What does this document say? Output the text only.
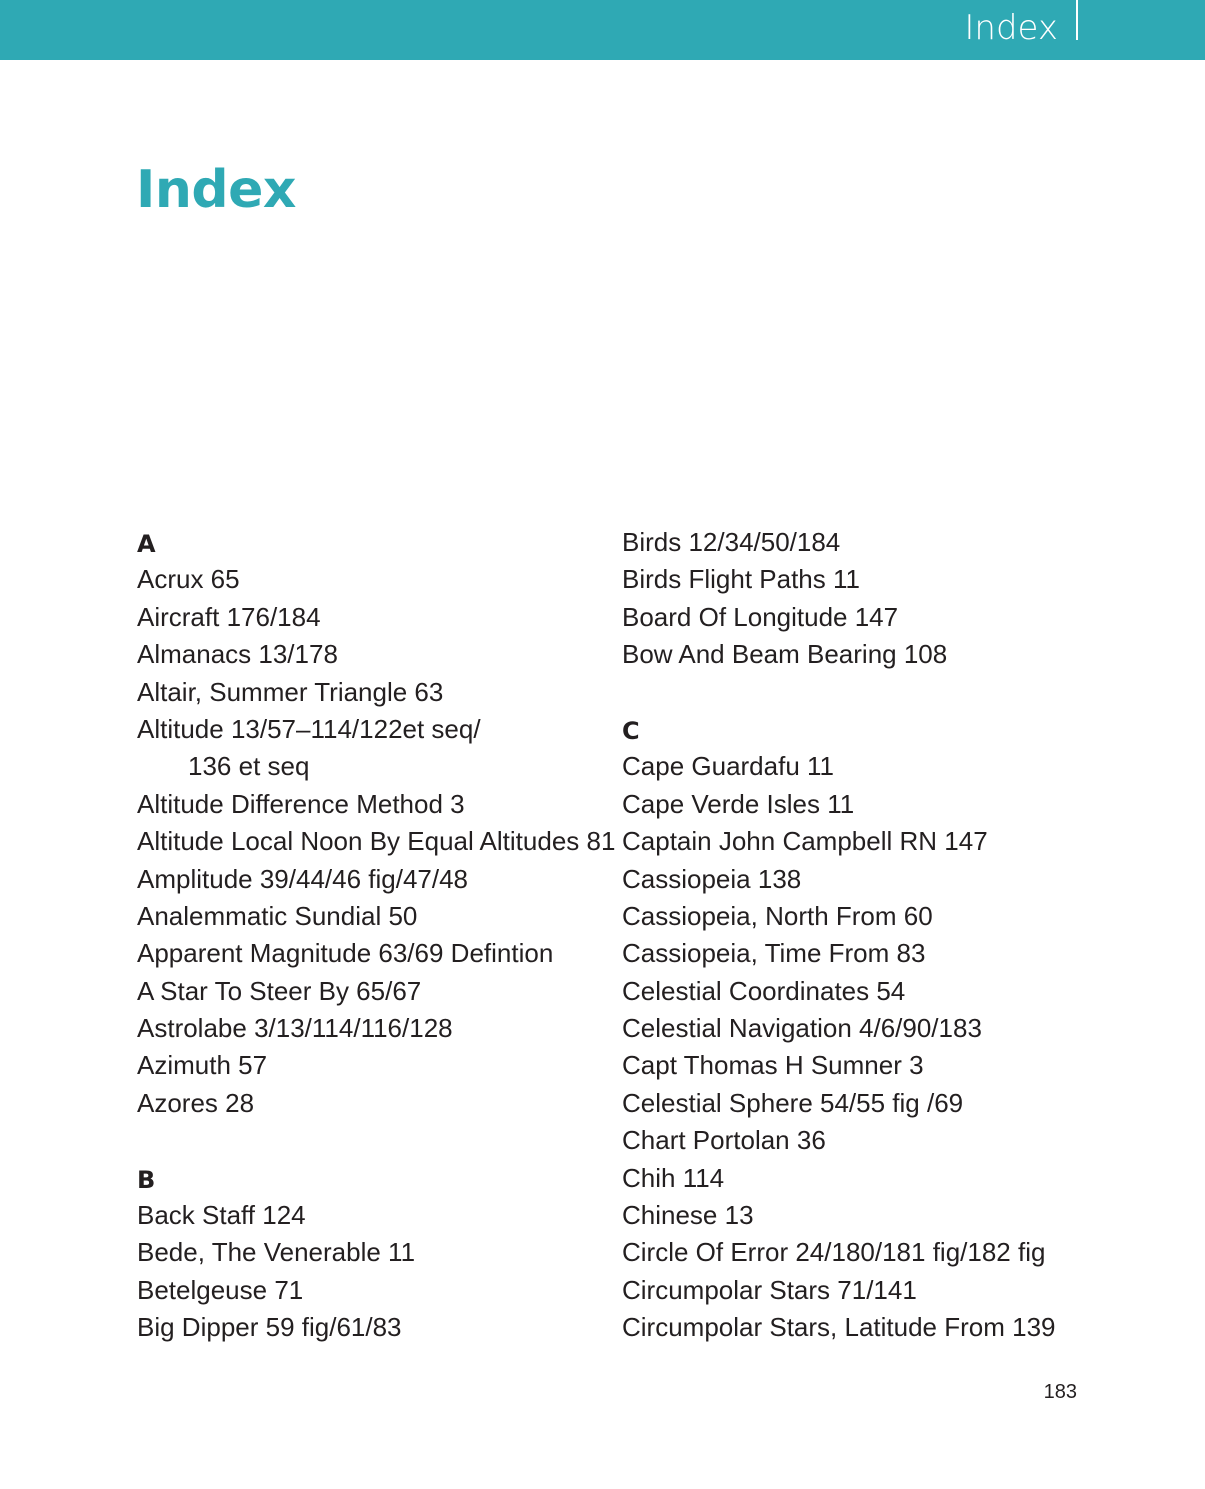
Index
Index
A
Acrux 65
Aircraft 176/184
Almanacs 13/178
Altair, Summer Triangle 63
Altitude 13/57–114/122et seq/
136 et seq
Altitude Difference Method 3
Altitude Local Noon By Equal Altitudes 81
Amplitude 39/44/46 fig/47/48
Analemmatic Sundial 50
Apparent Magnitude 63/69 Defintion
A Star To Steer By 65/67
Astrolabe 3/13/114/116/128
Azimuth 57
Azores 28
B
Back Staff 124
Bede, The Venerable 11
Betelgeuse 71
Big Dipper 59 fig/61/83
Birds 12/34/50/184
Birds Flight Paths 11
Board Of Longitude 147
Bow And Beam Bearing 108
C
Cape Guardafu 11
Cape Verde Isles 11
Captain John Campbell RN 147
Cassiopeia 138
Cassiopeia, North From 60
Cassiopeia, Time From 83
Celestial Coordinates 54
Celestial Navigation 4/6/90/183
Capt Thomas H Sumner 3
Celestial Sphere 54/55 fig /69
Chart Portolan 36
Chih 114
Chinese 13
Circle Of Error 24/180/181 fig/182 fig
Circumpolar Stars 71/141
Circumpolar Stars, Latitude From 139
183
